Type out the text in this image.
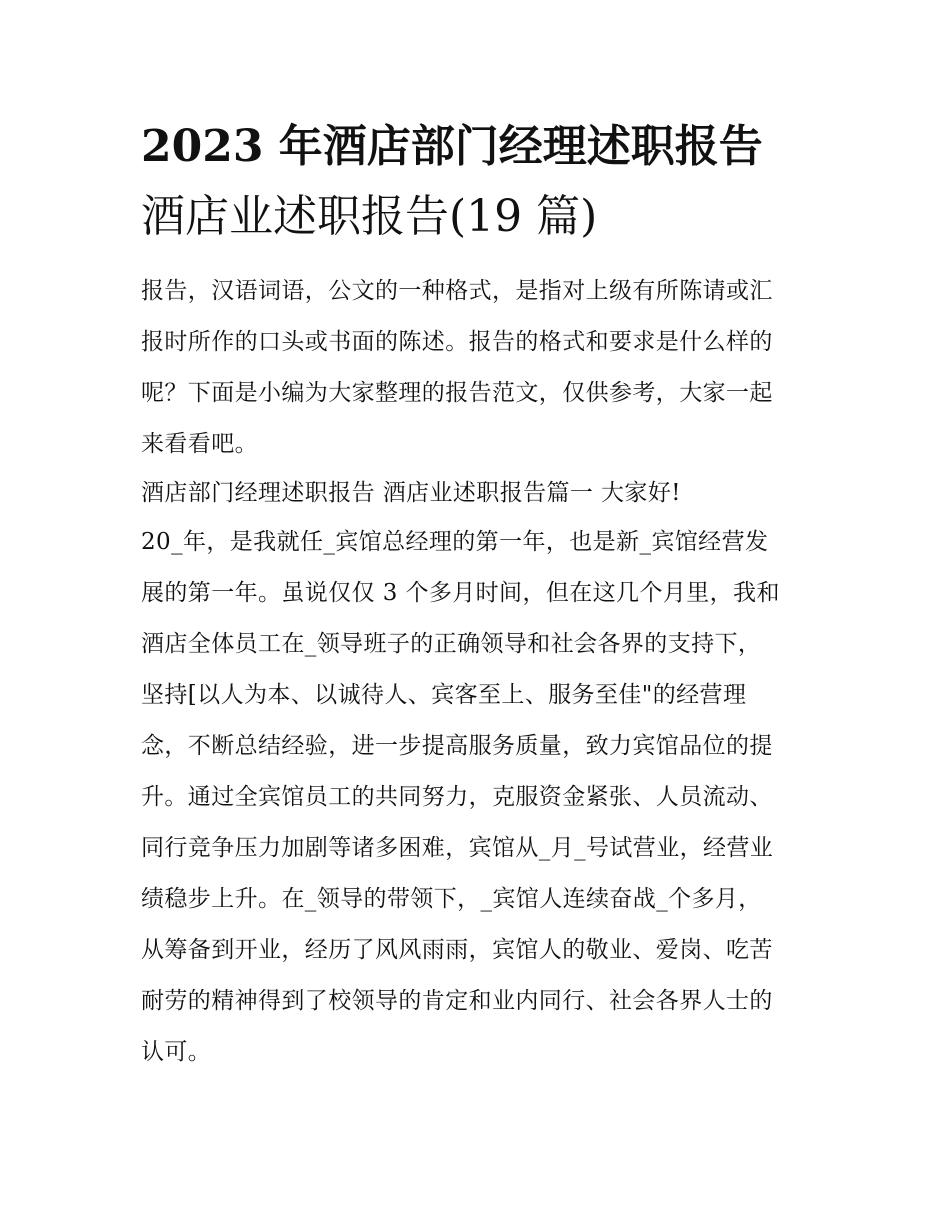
2023 年酒店部门经理述职报告
酒店业述职报告(19 篇)
报告，汉语词语，公文的一种格式，是指对上级有所陈请或汇
报时所作的口头或书面的陈述。报告的格式和要求是什么样的
呢？下面是小编为大家整理的报告范文，仅供参考，大家一起
来看看吧。
酒店部门经理述职报告 酒店业述职报告篇一 大家好!
20_年，是我就任_宾馆总经理的第一年，也是新_宾馆经营发
展的第一年。虽说仅仅 3 个多月时间，但在这几个月里，我和
酒店全体员工在_领导班子的正确领导和社会各界的支持下，
坚持[以人为本、以诚待人、宾客至上、服务至佳"的经营理
念，不断总结经验，进一步提高服务质量，致力宾馆品位的提
升。通过全宾馆员工的共同努力，克服资金紧张、人员流动、
同行竞争压力加剧等诸多困难，宾馆从_月_号试营业，经营业
绩稳步上升。在_领导的带领下，_宾馆人连续奋战_个多月，
从筹备到开业，经历了风风雨雨，宾馆人的敬业、爱岗、吃苦
耐劳的精神得到了校领导的肯定和业内同行、社会各界人士的
认可。
